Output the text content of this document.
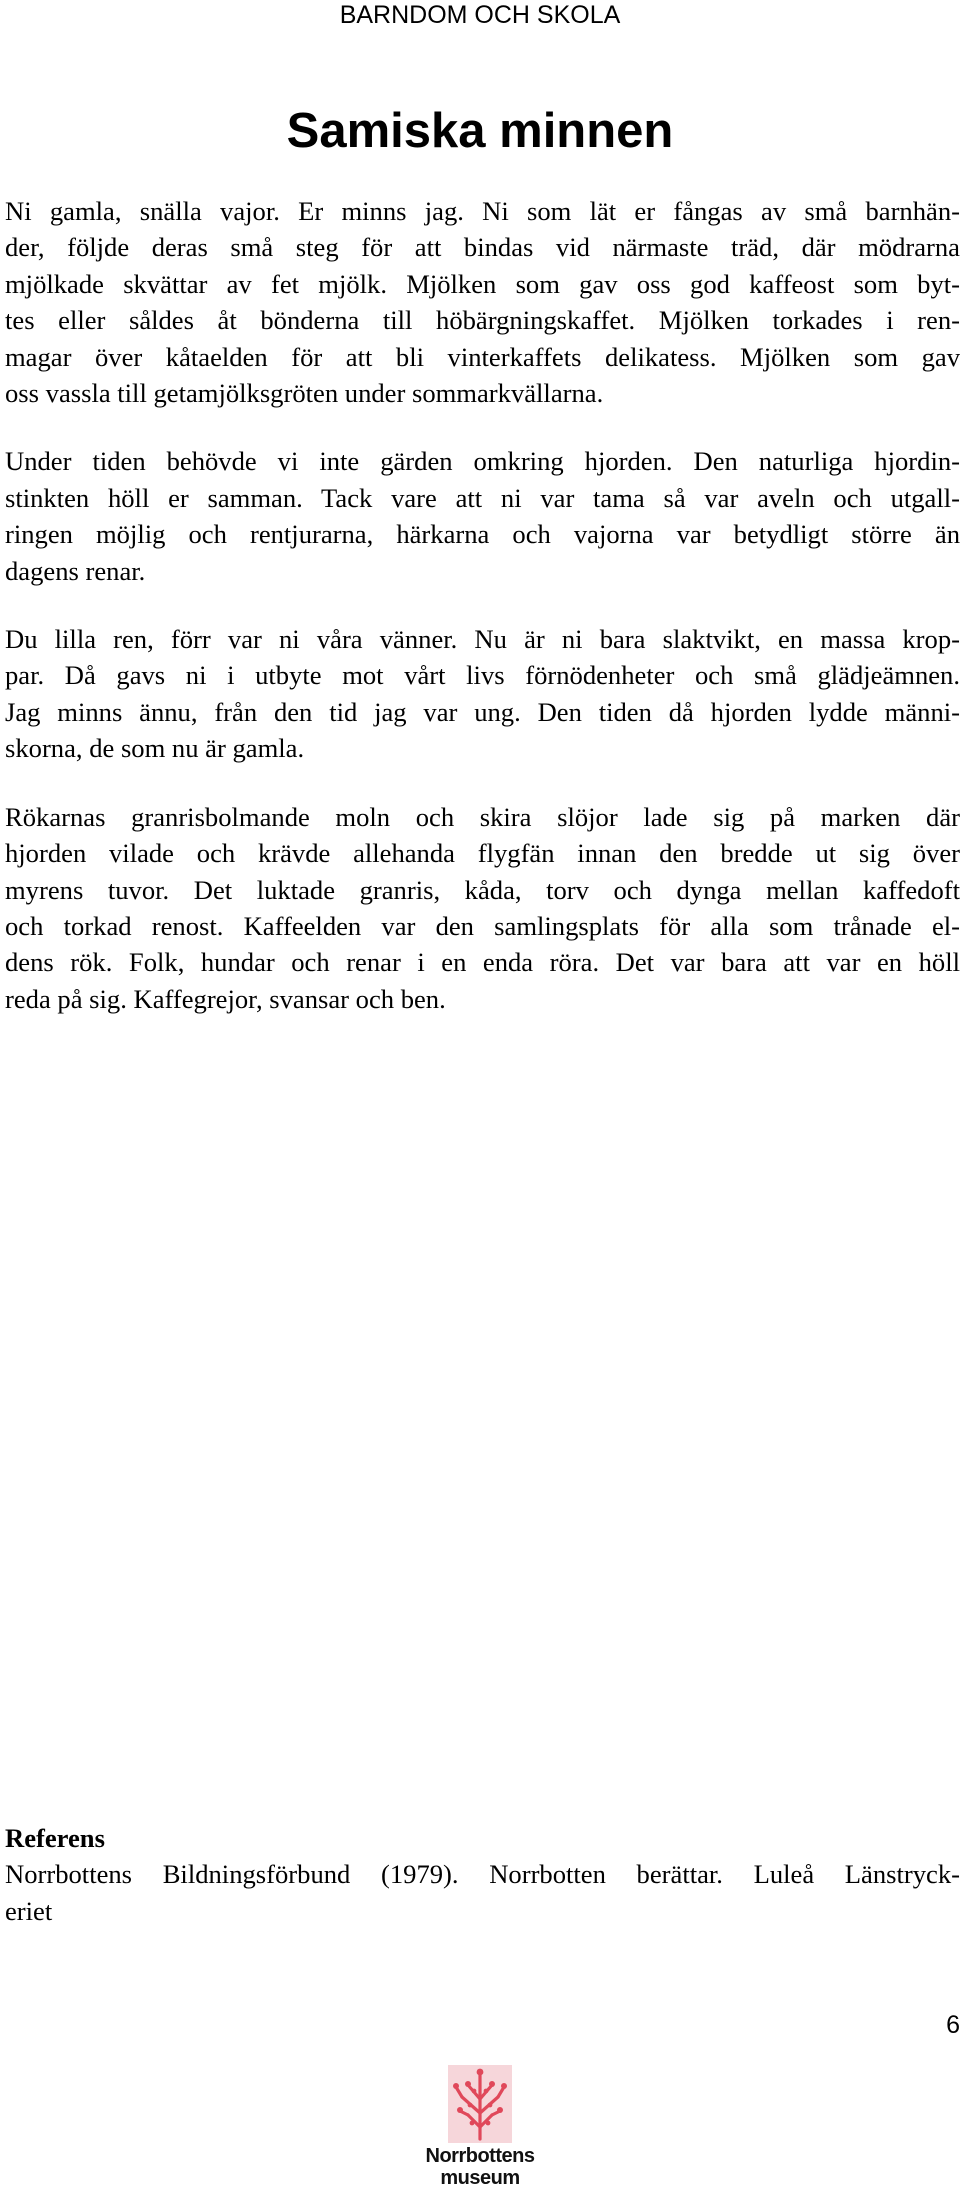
BARNDOM OCH SKOLA
Samiska minnen

Ni gamla, snälla vajor. Er minns jag. Ni som lät er fångas av små barnhän-
der, följde deras små steg för att bindas vid närmaste träd, där mödrarna
mjölkade skvättar av fet mjölk. Mjölken som gav oss god kaffeost som byt-
tes eller såldes åt bönderna till höbärgningskaffet. Mjölken torkades i ren-
magar över kåtaelden för att bli vinterkaffets delikatess. Mjölken som gav
oss vassla till getamjölksgröten under sommarkvällarna.

Under tiden behövde vi inte gärden omkring hjorden. Den naturliga hjordin-
stinkten höll er samman. Tack vare att ni var tama så var aveln och utgall-
ringen möjlig och rentjurarna, härkarna och vajorna var betydligt större än
dagens renar.

Du lilla ren, förr var ni våra vänner. Nu är ni bara slaktvikt, en massa krop-
par. Då gavs ni i utbyte mot vårt livs förnödenheter och små glädjeämnen.
Jag minns ännu, från den tid jag var ung. Den tiden då hjorden lydde männi-
skorna, de som nu är gamla.

Rökarnas granrisbolmande moln och skira slöjor lade sig på marken där
hjorden vilade och krävde allehanda flygfän innan den bredde ut sig över
myrens tuvor. Det luktade granris, kåda, torv och dynga mellan kaffedoft
och torkad renost. Kaffeelden var den samlingsplats för alla som trånade el-
dens rök. Folk, hundar och renar i en enda röra. Det var bara att var en höll
reda på sig. Kaffegrejor, svansar och ben.

Referens
Norrbottens Bildningsförbund (1979). Norrbotten berättar. Luleå Länstryck-
eriet
6
Norrbottens
museum
